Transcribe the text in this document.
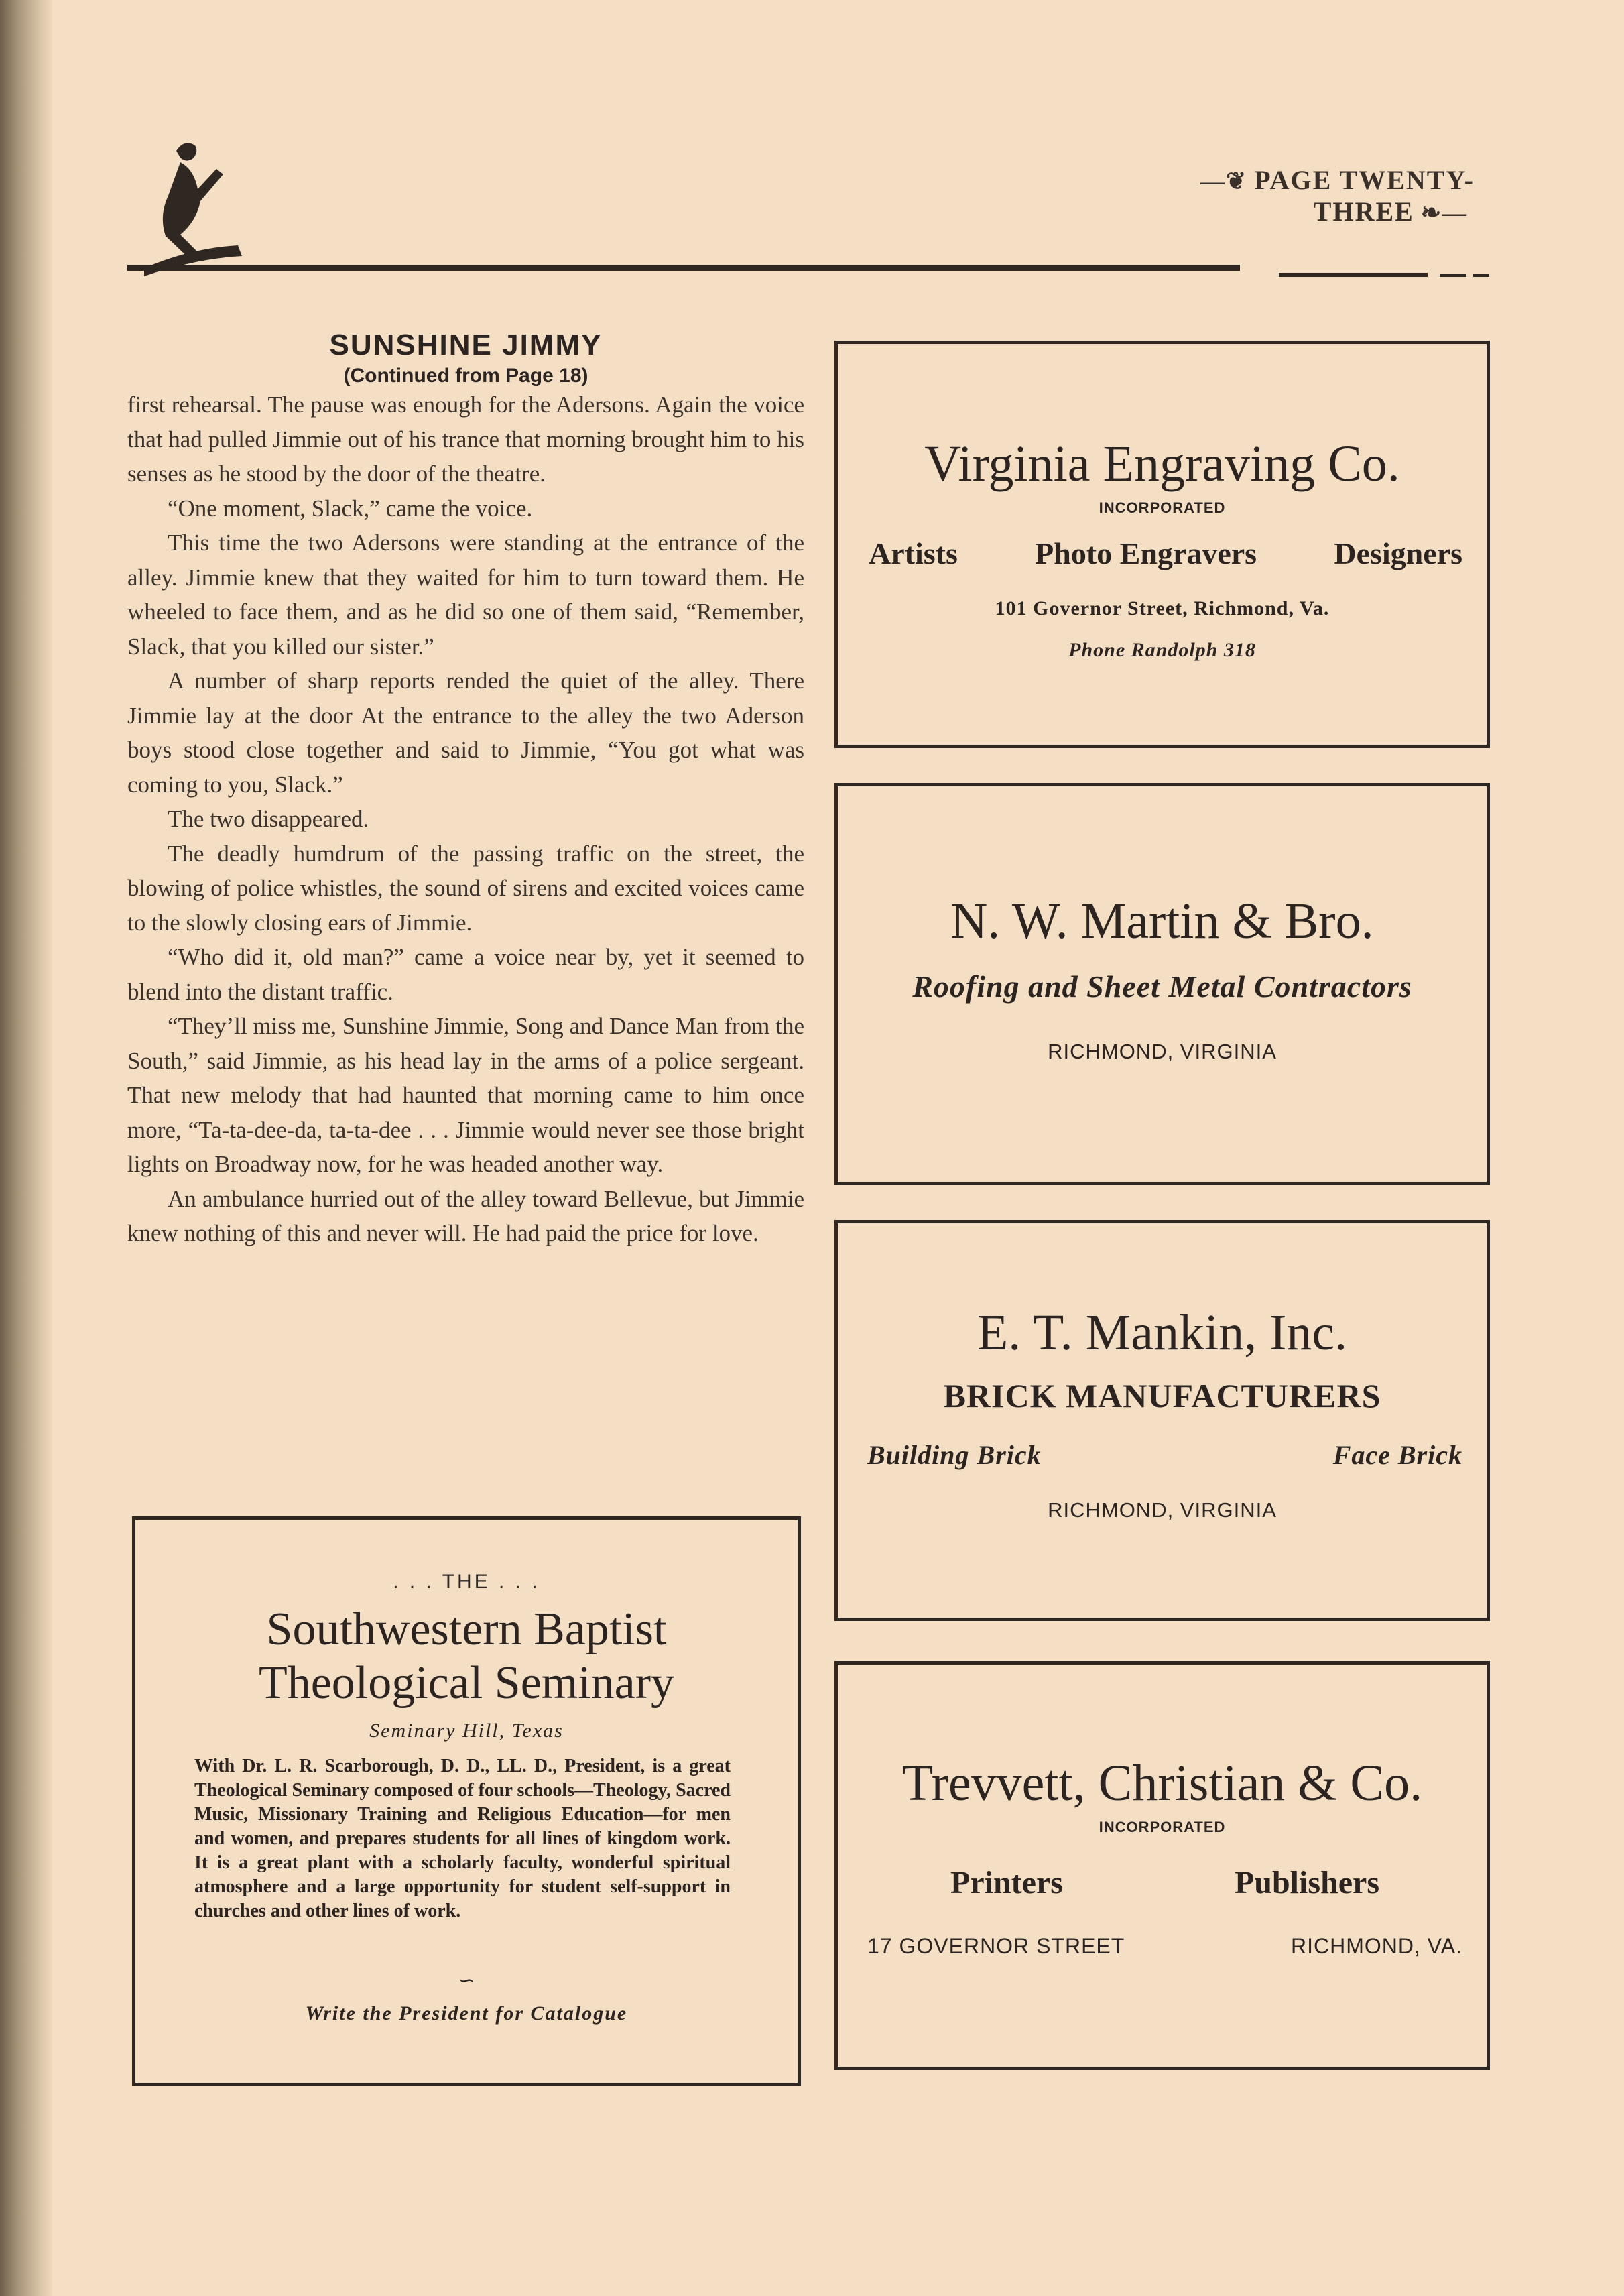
—❦ PAGE TWENTY-THREE ❧—
SUNSHINE JIMMY
(Continued from Page 18)

first rehearsal. The pause was enough for the Adersons. Again the voice that had pulled Jimmie out of his trance that morning brought him to his senses as he stood by the door of the theatre.

“One moment, Slack,” came the voice.

This time the two Adersons were standing at the entrance of the alley. Jimmie knew that they waited for him to turn toward them. He wheeled to face them, and as he did so one of them said, “Remember, Slack, that you killed our sister.”

A number of sharp reports rended the quiet of the alley. There Jimmie lay at the door At the entrance to the alley the two Aderson boys stood close together and said to Jimmie, “You got what was coming to you, Slack.”

The two disappeared.

The deadly humdrum of the passing traffic on the street, the blowing of police whistles, the sound of sirens and excited voices came to the slowly closing ears of Jimmie.

“Who did it, old man?” came a voice near by, yet it seemed to blend into the distant traffic.

“They’ll miss me, Sunshine Jimmie, Song and Dance Man from the South,” said Jimmie, as his head lay in the arms of a police sergeant. That new melody that had haunted that morning came to him once more, “Ta-ta-dee-da, ta-ta-dee . . . Jimmie would never see those bright lights on Broadway now, for he was headed another way.

An ambulance hurried out of the alley toward Bellevue, but Jimmie knew nothing of this and never will. He had paid the price for love.

. . . THE . . .
Southwestern Baptist
Theological Seminary
Seminary Hill, Texas
With Dr. L. R. Scarborough, D. D., LL. D., President, is a great Theological Seminary composed of four schools—Theology, Sacred Music, Missionary Training and Religious Education—for men and women, and prepares students for all lines of kingdom work. It is a great plant with a scholarly faculty, wonderful spiritual atmosphere and a large opportunity for student self-support in churches and other lines of work.
∽
Write the President for Catalogue
Virginia Engraving Co.
INCORPORATED
Artists	Photo Engravers	Designers
101 Governor Street, Richmond, Va.
Phone Randolph 318
N. W. Martin & Bro.
Roofing and Sheet Metal Contractors
RICHMOND, VIRGINIA
E. T. Mankin, Inc.
BRICK MANUFACTURERS
Building Brick	Face Brick
RICHMOND, VIRGINIA
Trevvett, Christian & Co.
INCORPORATED
Printers	Publishers
17 GOVERNOR STREET	RICHMOND, VA.
